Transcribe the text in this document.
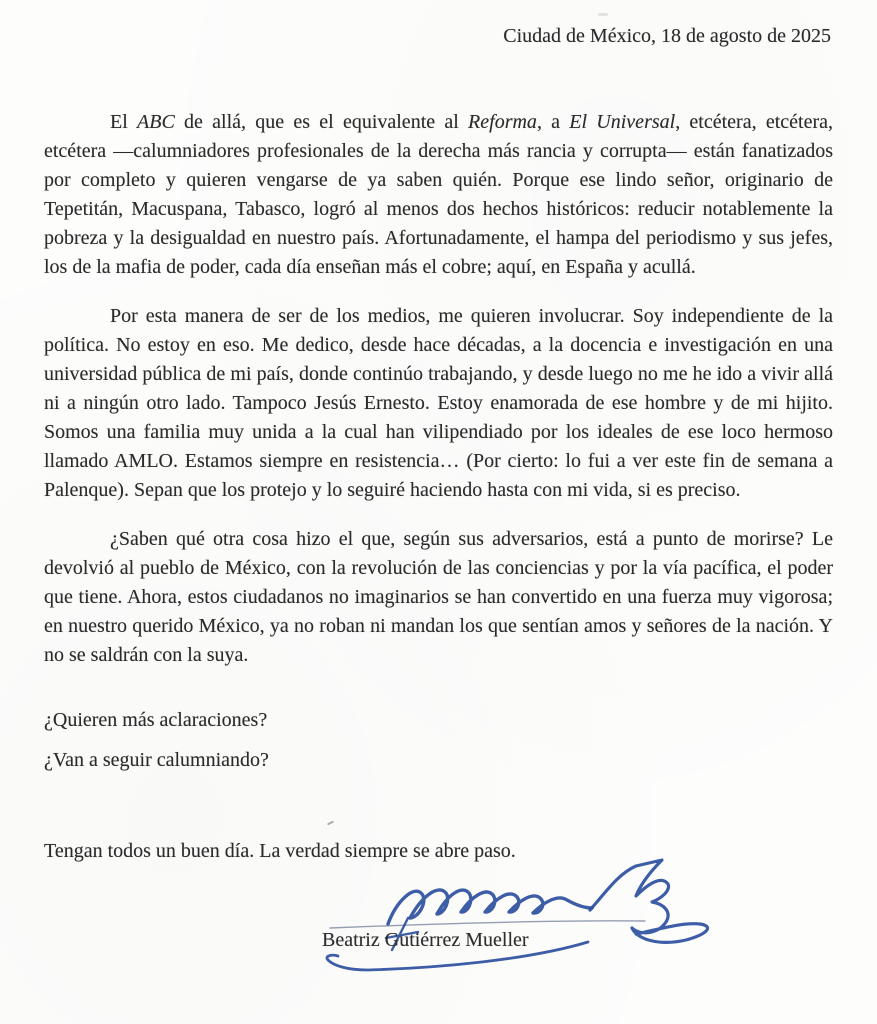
Ciudad de México, 18 de agosto de 2025

El ABC de allá, que es el equivalente al Reforma, a El Universal, etcétera, etcétera, etcétera —calumniadores profesionales de la derecha más rancia y corrupta— están fanatizados por completo y quieren vengarse de ya saben quién. Porque ese lindo señor, originario de Tepetitán, Macuspana, Tabasco, logró al menos dos hechos históricos: reducir notablemente la pobreza y la desigualdad en nuestro país. Afortunadamente, el hampa del periodismo y sus jefes, los de la mafia de poder, cada día enseñan más el cobre; aquí, en España y acullá.

Por esta manera de ser de los medios, me quieren involucrar. Soy independiente de la política. No estoy en eso. Me dedico, desde hace décadas, a la docencia e investigación en una universidad pública de mi país, donde continúo trabajando, y desde luego no me he ido a vivir allá ni a ningún otro lado. Tampoco Jesús Ernesto. Estoy enamorada de ese hombre y de mi hijito. Somos una familia muy unida a la cual han vilipendiado por los ideales de ese loco hermoso llamado AMLO. Estamos siempre en resistencia… (Por cierto: lo fui a ver este fin de semana a Palenque). Sepan que los protejo y lo seguiré haciendo hasta con mi vida, si es preciso.

¿Saben qué otra cosa hizo el que, según sus adversarios, está a punto de morirse? Le devolvió al pueblo de México, con la revolución de las conciencias y por la vía pacífica, el poder que tiene. Ahora, estos ciudadanos no imaginarios se han convertido en una fuerza muy vigorosa; en nuestro querido México, ya no roban ni mandan los que sentían amos y señores de la nación. Y no se saldrán con la suya.

¿Quieren más aclaraciones?

¿Van a seguir calumniando?

Tengan todos un buen día. La verdad siempre se abre paso.

Beatriz Gutiérrez Mueller
